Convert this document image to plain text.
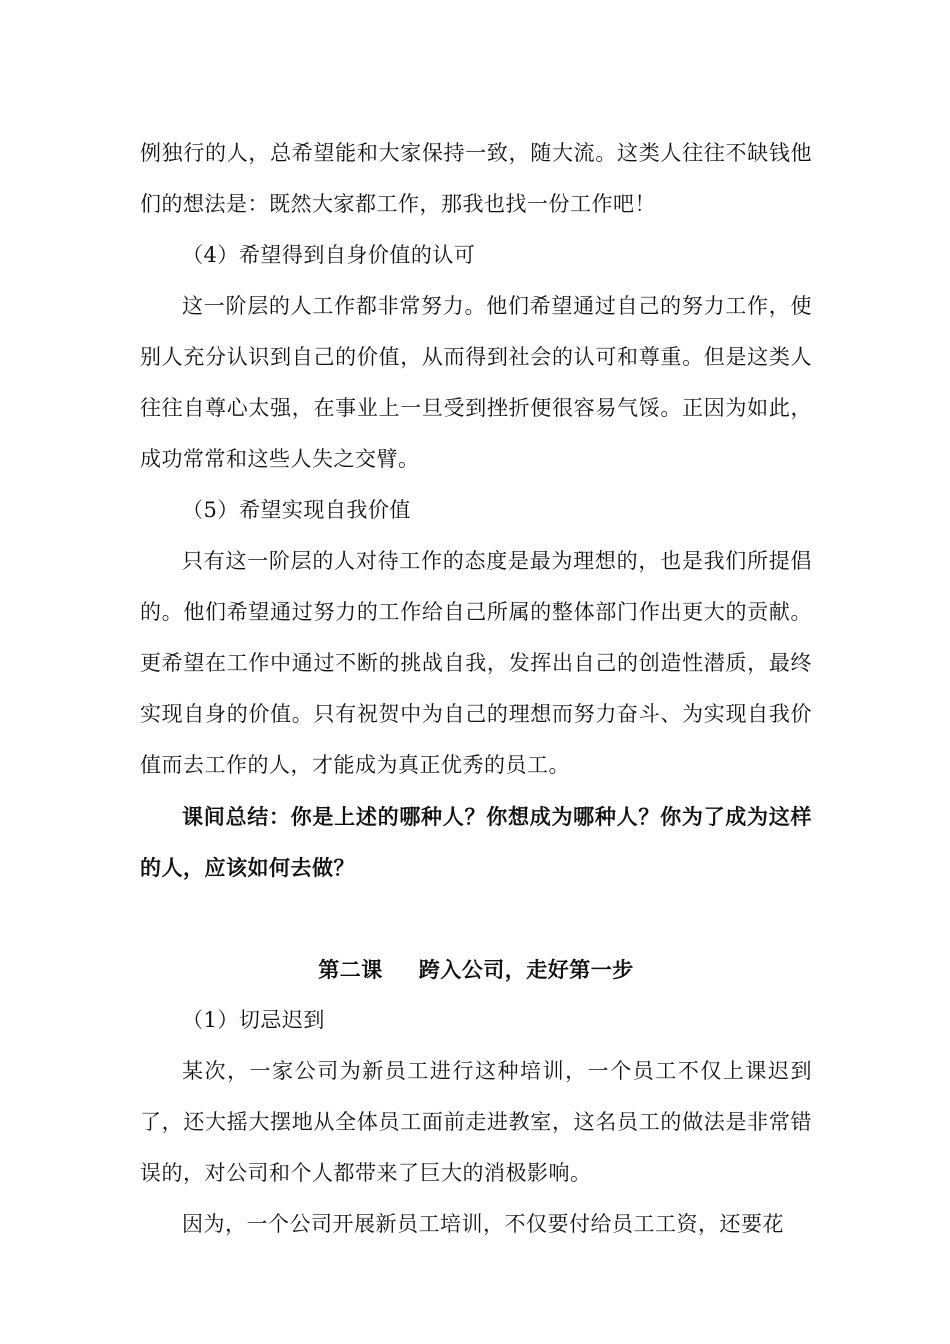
例独行的人，总希望能和大家保持一致，随大流。这类人往往不缺钱他们的想法是：既然大家都工作，那我也找一份工作吧！

（4）希望得到自身价值的认可

这一阶层的人工作都非常努力。他们希望通过自己的努力工作，使别人充分认识到自己的价值，从而得到社会的认可和尊重。但是这类人往往自尊心太强，在事业上一旦受到挫折便很容易气馁。正因为如此，成功常常和这些人失之交臂。

（5）希望实现自我价值

只有这一阶层的人对待工作的态度是最为理想的，也是我们所提倡的。他们希望通过努力的工作给自己所属的整体部门作出更大的贡献。更希望在工作中通过不断的挑战自我，发挥出自己的创造性潜质，最终实现自身的价值。只有祝贺中为自己的理想而努力奋斗、为实现自我价值而去工作的人，才能成为真正优秀的员工。

课间总结：你是上述的哪种人？你想成为哪种人？你为了成为这样的人，应该如何去做？

第二课 跨入公司，走好第一步

（1）切忌迟到

某次，一家公司为新员工进行这种培训，一个员工不仅上课迟到了，还大摇大摆地从全体员工面前走进教室，这名员工的做法是非常错误的，对公司和个人都带来了巨大的消极影响。

因为，一个公司开展新员工培训，不仅要付给员工工资，还要花
